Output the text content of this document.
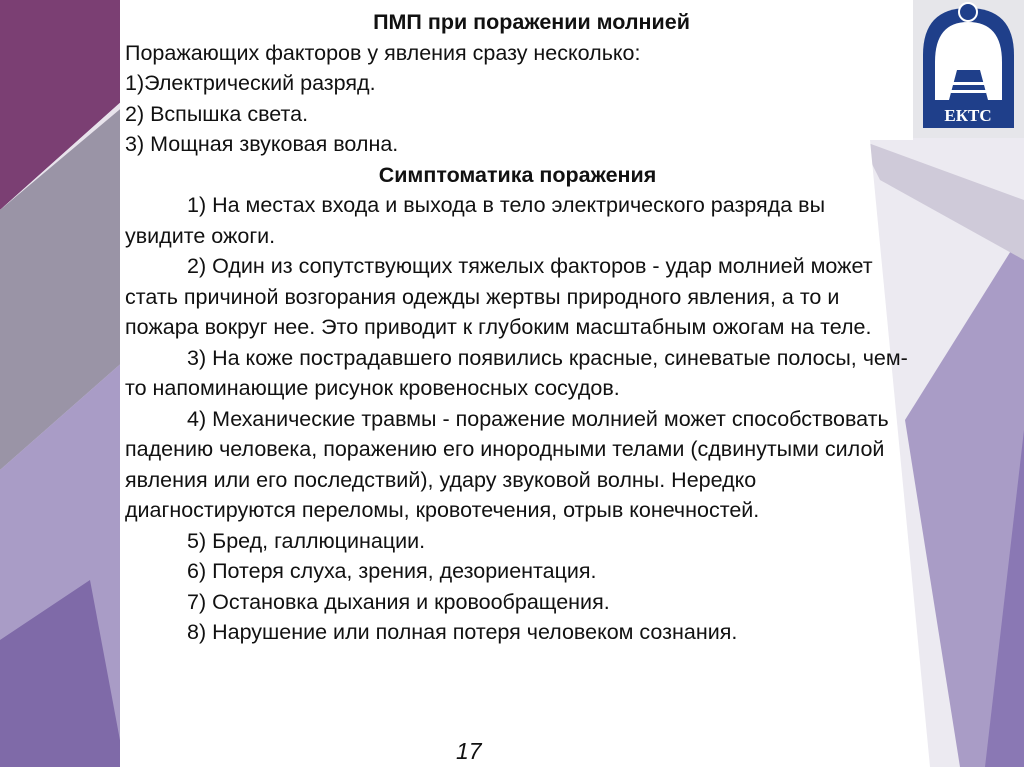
ЕКТС

ПМП при поражении молнией

Поражающих факторов у явления сразу несколько:

1)Электрический разряд.

2) Вспышка света.

3) Мощная звуковая волна.

Симптоматика поражения

1) На местах входа и выхода в тело электрического разряда вы увидите ожоги.

2) Один из сопутствующих тяжелых факторов - удар молнией может стать причиной возгорания одежды жертвы природного явления, а то и пожара вокруг нее. Это приводит к глубоким масштабным ожогам на теле.

3) На коже пострадавшего появились красные, синеватые полосы, чем-то напоминающие рисунок кровеносных сосудов.

4) Механические травмы - поражение молнией может способствовать падению человека, поражению его инородными телами (сдвинутыми силой явления или его последствий), удару звуковой волны. Нередко диагностируются переломы, кровотечения, отрыв конечностей.

5) Бред, галлюцинации.

6) Потеря слуха, зрения, дезориентация.

7) Остановка дыхания и кровообращения.

8) Нарушение или полная потеря человеком сознания.

17
